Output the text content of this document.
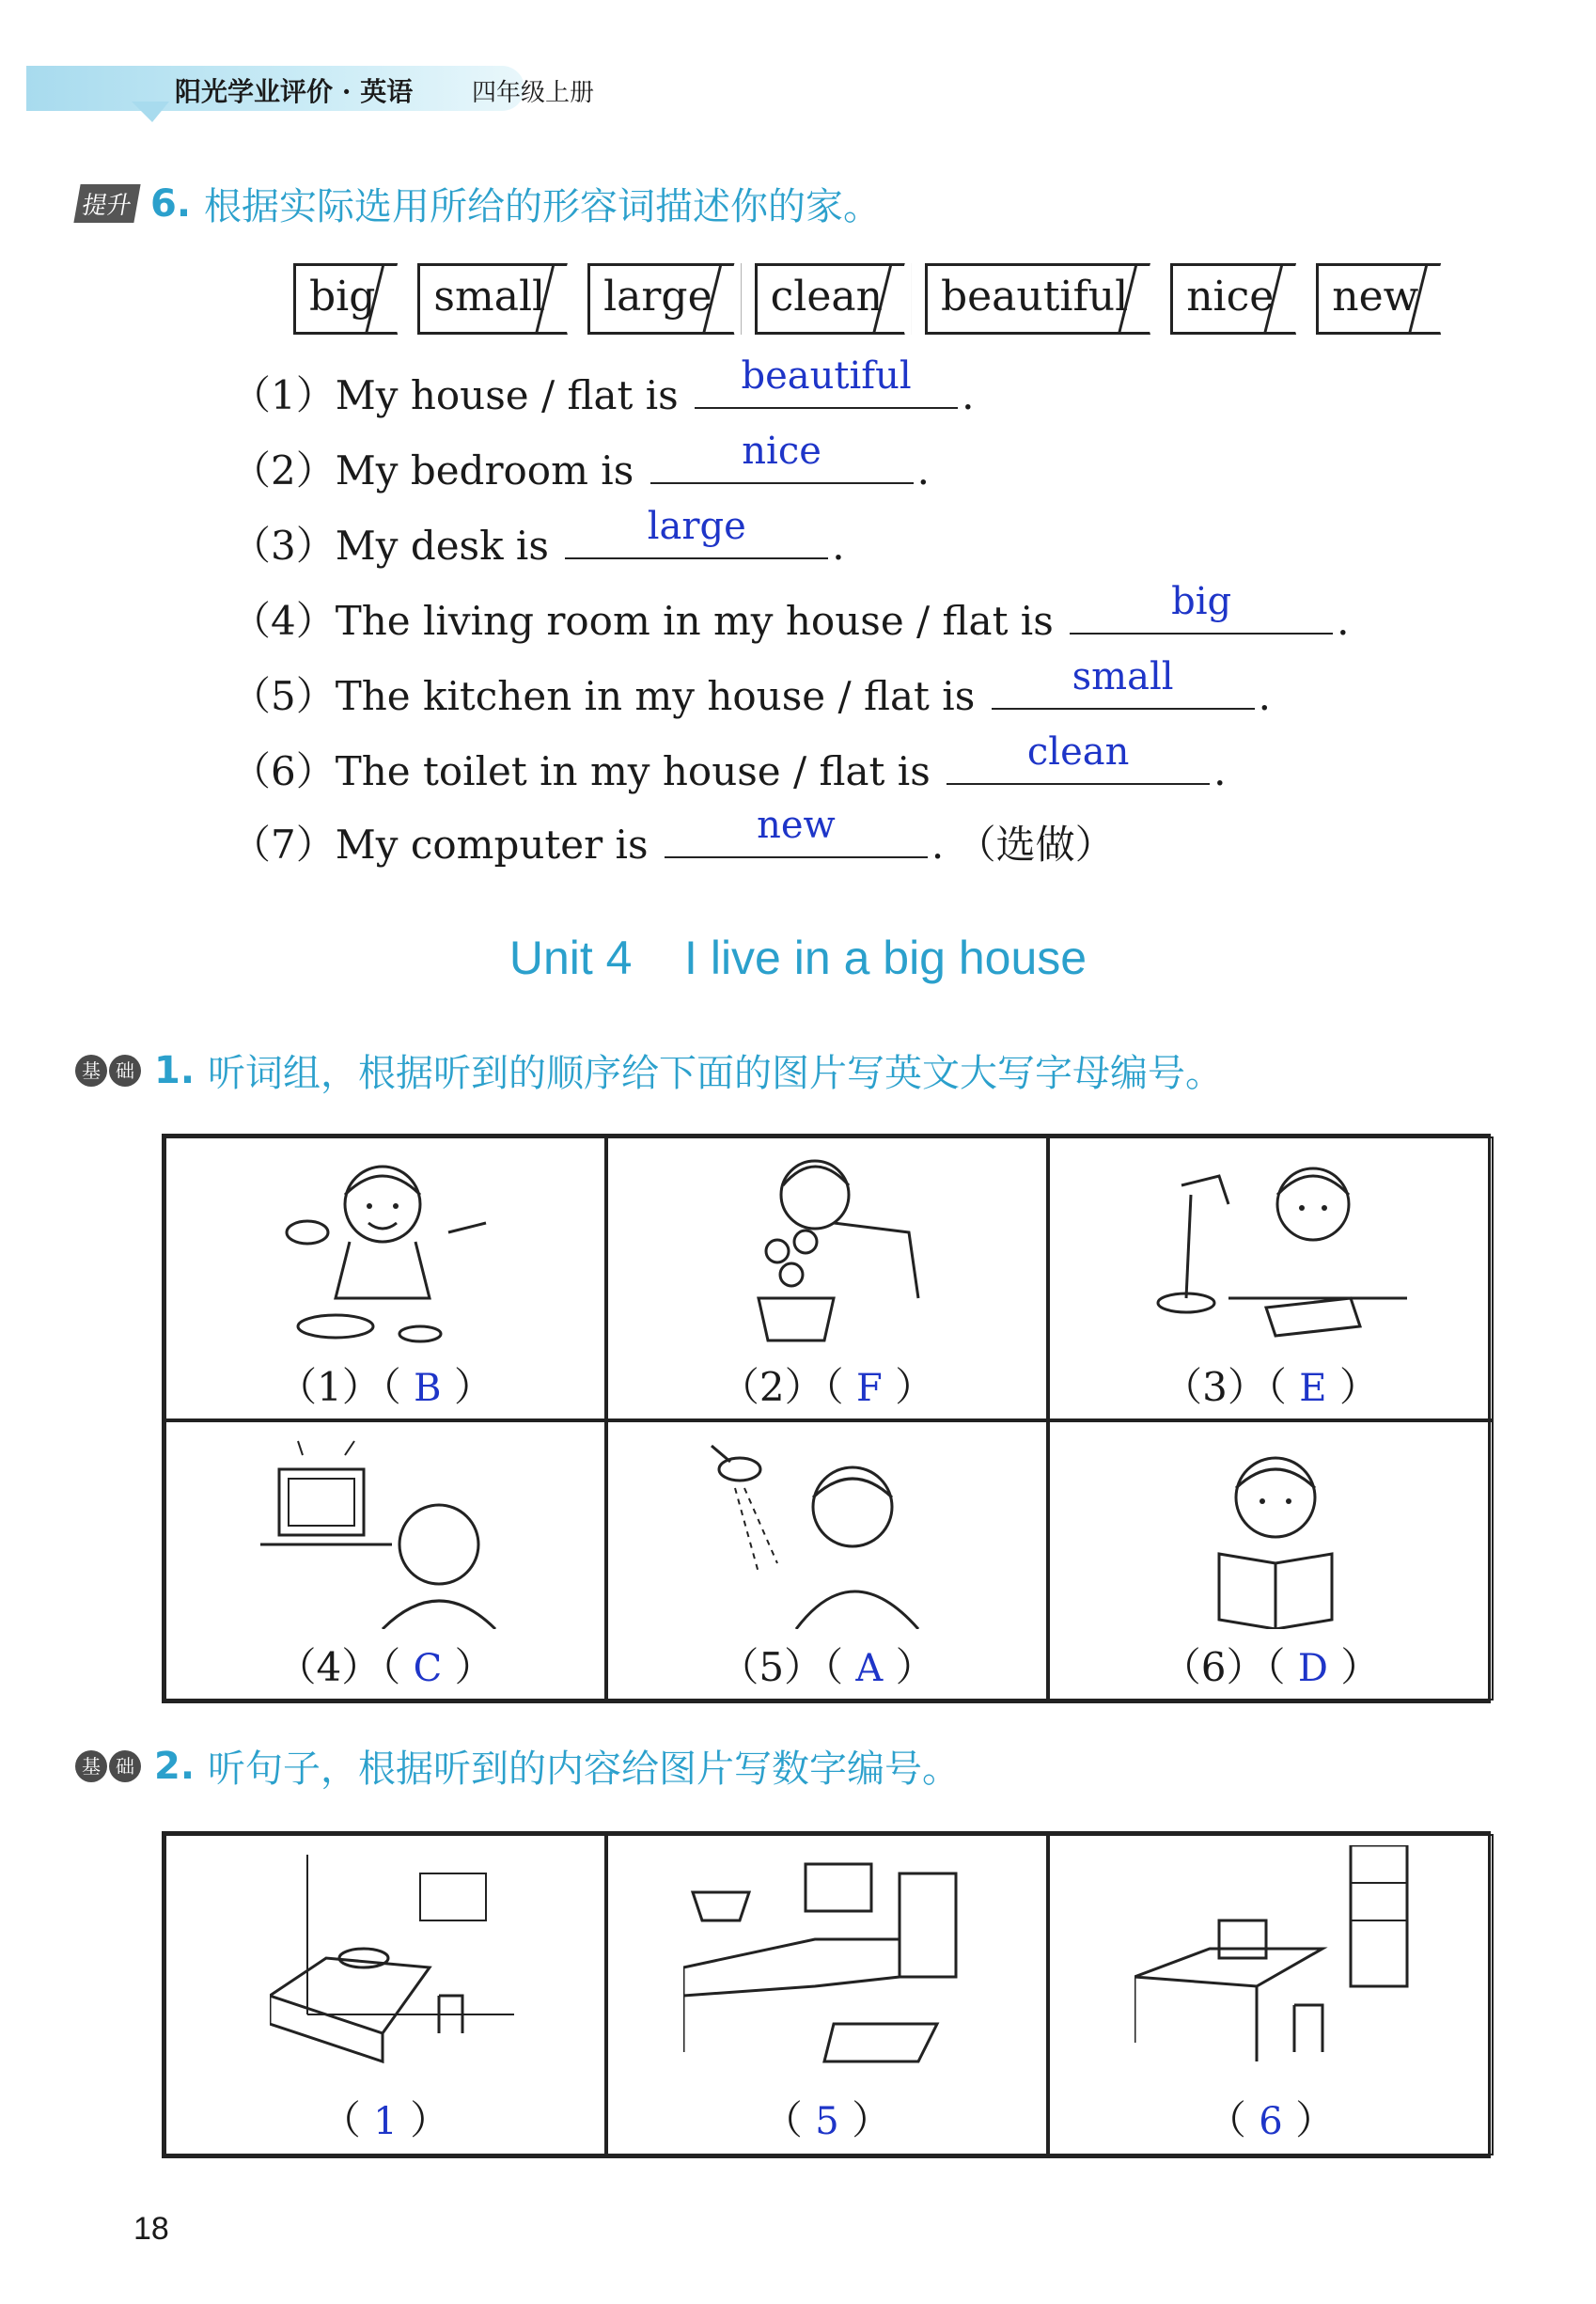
阳光学业评价 · 英语 四年级上册
提升 6. 根据实际选用所给的形容词描述你的家。
big	small	large	clean	beautiful	nice	new
（1）My house / flat is	beautiful	.
（2）My bedroom is	nice	.
（3）My desk is	large	.
（4）The living room in my house / flat is	big	.
（5）The kitchen in my house / flat is	small	.
（6）The toilet in my house / flat is	clean	.
（7）My computer is	new	. （选做）
Unit 4    I live in a big house
基 础 1. 听词组，根据听到的顺序给下面的图片写英文大写字母编号。
（1）（ B ）	（2）（ F ）	（3）（ E ）
（4）（ C ）	（5）（ A ）	（6）（ D ）
基 础 2. 听句子，根据听到的内容给图片写数字编号。
（ 1 ）	（ 5 ）	（ 6 ）
18
